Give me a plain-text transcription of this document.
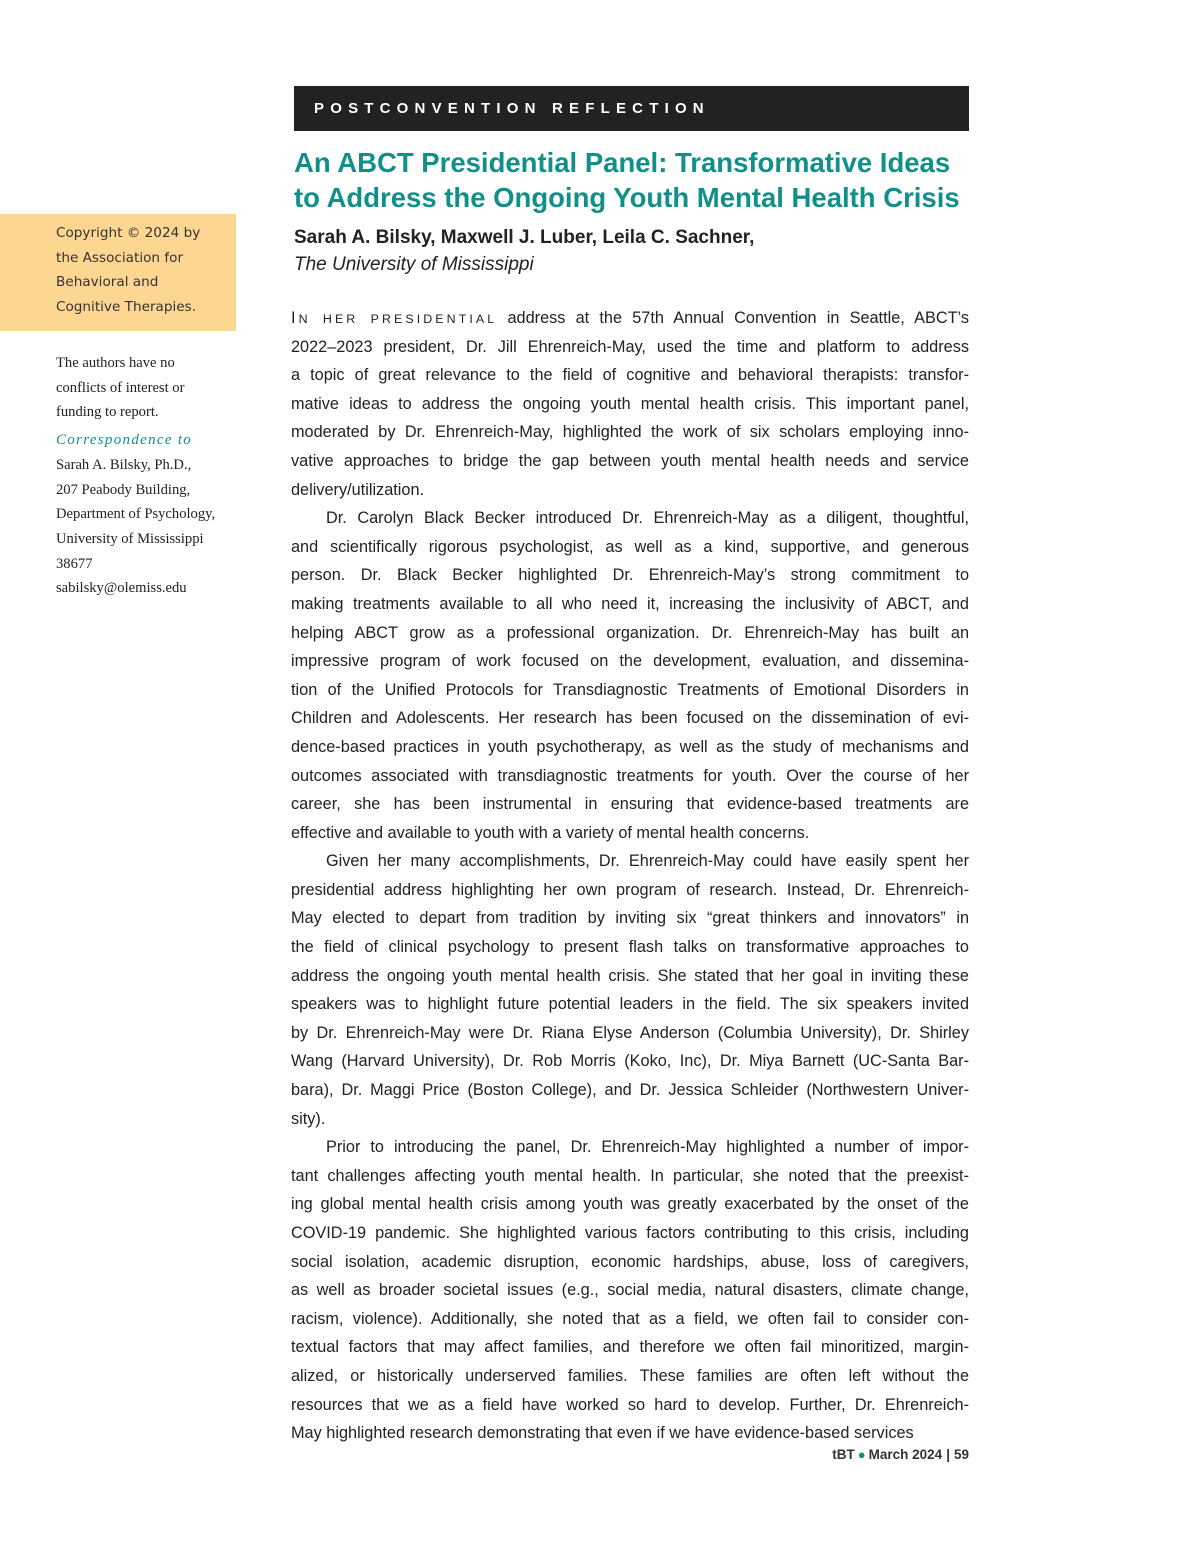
POSTCONVENTION REFLECTION
An ABCT Presidential Panel: Transformative Ideas
to Address the Ongoing Youth Mental Health Crisis
Sarah A. Bilsky, Maxwell J. Luber, Leila C. Sachner,
The University of Mississippi
Copyright © 2024 by
the Association for
Behavioral and
Cognitive Therapies.
The authors have no
conflicts of interest or
funding to report.
Correspondence to
Sarah A. Bilsky, Ph.D.,
207 Peabody Building,
Department of Psychology,
University of Mississippi
38677
sabilsky@olemiss.edu
IN HER PRESIDENTIAL address at the 57th Annual Convention in Seattle, ABCT’s
2022–2023 president, Dr. Jill Ehrenreich-May, used the time and platform to address
a topic of great relevance to the field of cognitive and behavioral therapists: transfor-
mative ideas to address the ongoing youth mental health crisis. This important panel,
moderated by Dr. Ehrenreich-May, highlighted the work of six scholars employing inno-
vative approaches to bridge the gap between youth mental health needs and service
delivery/utilization.
Dr. Carolyn Black Becker introduced Dr. Ehrenreich-May as a diligent, thoughtful,
and scientifically rigorous psychologist, as well as a kind, supportive, and generous
person. Dr. Black Becker highlighted Dr. Ehrenreich-May’s strong commitment to
making treatments available to all who need it, increasing the inclusivity of ABCT, and
helping ABCT grow as a professional organization. Dr. Ehrenreich-May has built an
impressive program of work focused on the development, evaluation, and dissemina-
tion of the Unified Protocols for Transdiagnostic Treatments of Emotional Disorders in
Children and Adolescents. Her research has been focused on the dissemination of evi-
dence-based practices in youth psychotherapy, as well as the study of mechanisms and
outcomes associated with transdiagnostic treatments for youth. Over the course of her
career, she has been instrumental in ensuring that evidence-based treatments are
effective and available to youth with a variety of mental health concerns.
Given her many accomplishments, Dr. Ehrenreich-May could have easily spent her
presidential address highlighting her own program of research. Instead, Dr. Ehrenreich-
May elected to depart from tradition by inviting six “great thinkers and innovators” in
the field of clinical psychology to present flash talks on transformative approaches to
address the ongoing youth mental health crisis. She stated that her goal in inviting these
speakers was to highlight future potential leaders in the field. The six speakers invited
by Dr. Ehrenreich-May were Dr. Riana Elyse Anderson (Columbia University), Dr. Shirley
Wang (Harvard University), Dr. Rob Morris (Koko, Inc), Dr. Miya Barnett (UC-Santa Bar-
bara), Dr. Maggi Price (Boston College), and Dr. Jessica Schleider (Northwestern Univer-
sity).
Prior to introducing the panel, Dr. Ehrenreich-May highlighted a number of impor-
tant challenges affecting youth mental health. In particular, she noted that the preexist-
ing global mental health crisis among youth was greatly exacerbated by the onset of the
COVID-19 pandemic. She highlighted various factors contributing to this crisis, including
social isolation, academic disruption, economic hardships, abuse, loss of caregivers,
as well as broader societal issues (e.g., social media, natural disasters, climate change,
racism, violence). Additionally, she noted that as a field, we often fail to consider con-
textual factors that may affect families, and therefore we often fail minoritized, margin-
alized, or historically underserved families. These families are often left without the
resources that we as a field have worked so hard to develop. Further, Dr. Ehrenreich-
May highlighted research demonstrating that even if we have evidence-based services
tBT ● March 2024 | 59
